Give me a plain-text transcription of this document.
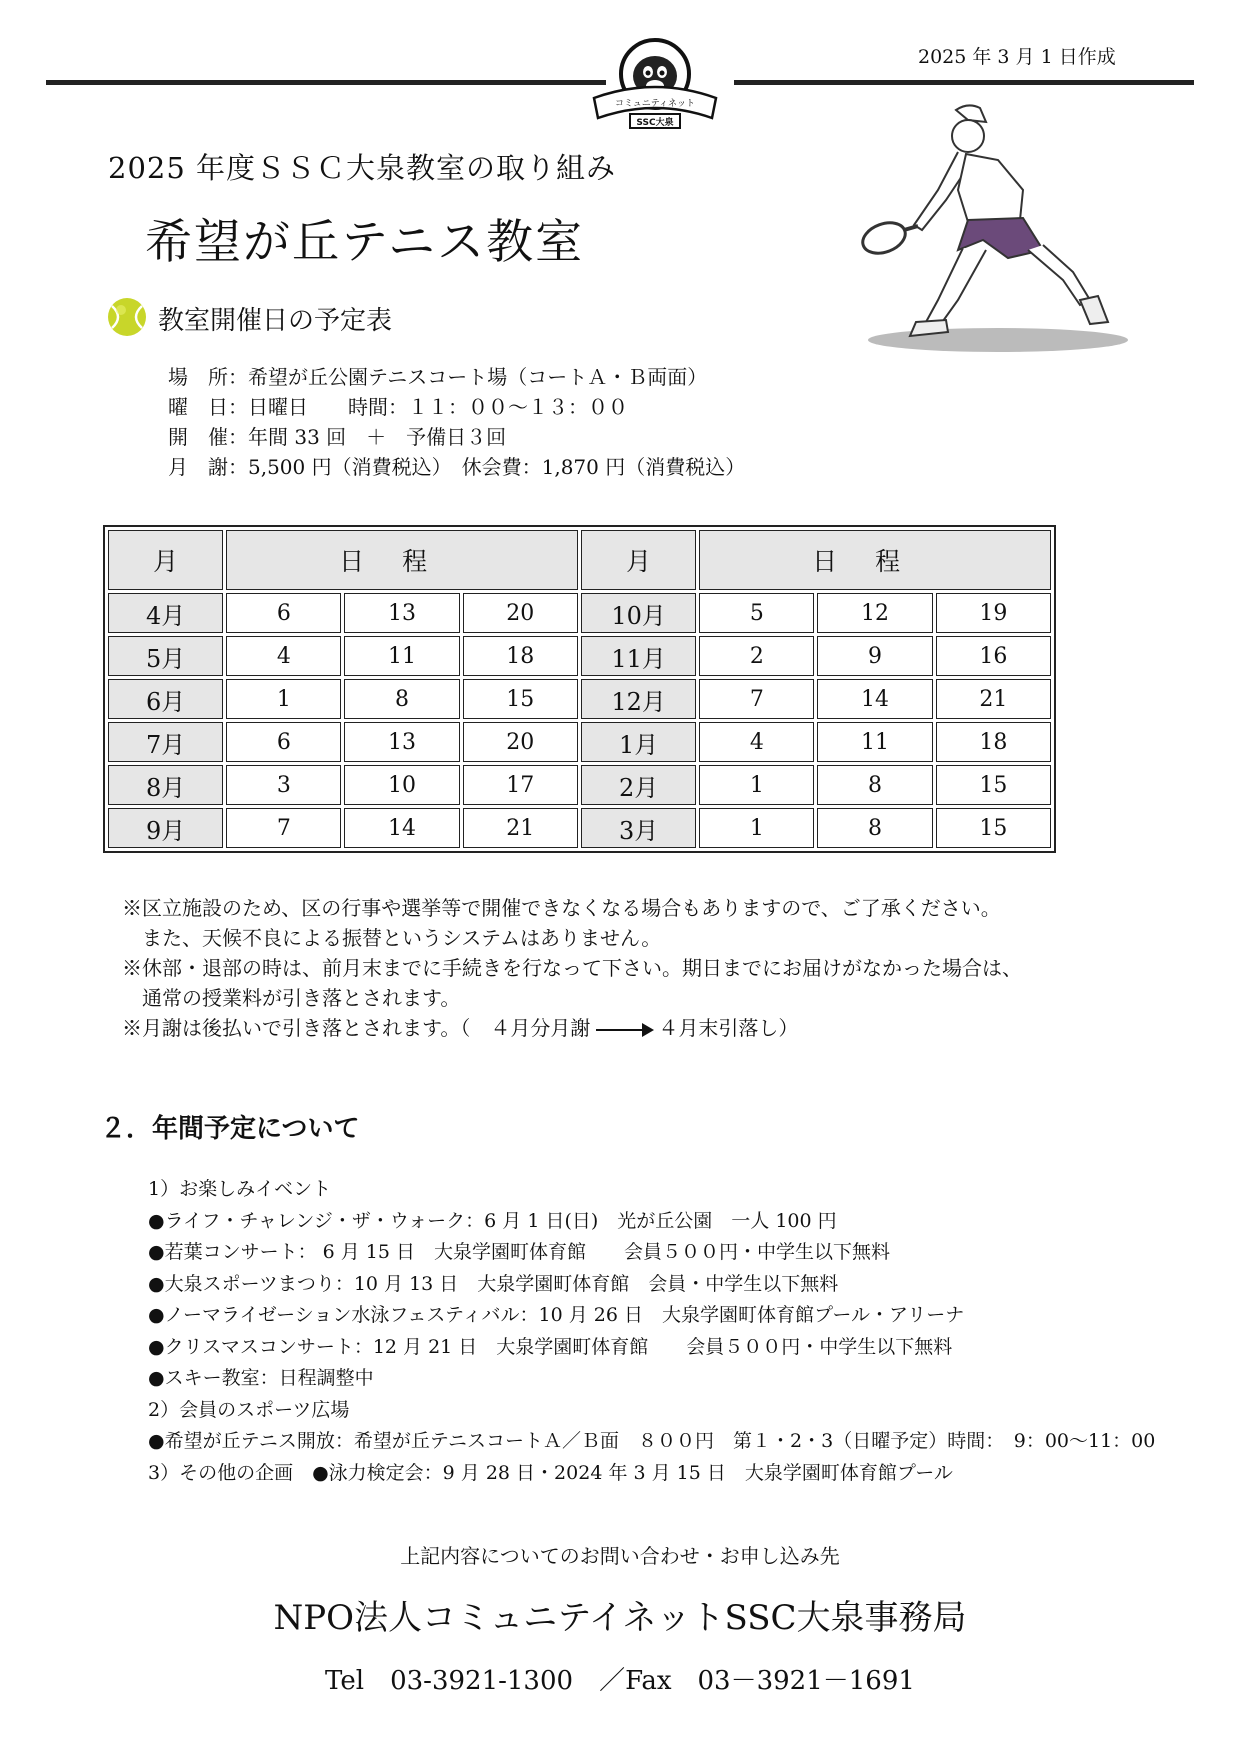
2025 年 3 月 1 日作成
コミュニティネット
SSC大泉
2025 年度ＳＳＣ大泉教室の取り組み
希望が丘テニス教室
教室開催日の予定表
場　所：希望が丘公園テニスコート場（コートＡ・Ｂ両面）
曜　日：日曜日　　時間：１１：００～１３：００
開　催：年間 33 回　＋　予備日３回
月　謝：5,500 円（消費税込）　休会費：1,870 円（消費税込）
月	日程			月	日程		
4月	6	13	20	10月	5	12	19
5月	4	11	18	11月	2	9	16
6月	1	8	15	12月	7	14	21
7月	6	13	20	1月	4	11	18
8月	3	10	17	2月	1	8	15
9月	7	14	21	3月	1	8	15
※区立施設のため、区の行事や選挙等で開催できなくなる場合もありますので、ご了承ください。
　また、天候不良による振替というシステムはありません。
※休部・退部の時は、前月末までに手続きを行なって下さい。期日までにお届けがなかった場合は、
　通常の授業料が引き落とされます。
※月謝は後払いで引き落とされます。（　４月分月謝	４月末引落し）
２．年間予定について
1）お楽しみイベント
●ライフ・チャレンジ・ザ・ウォーク：6 月 1 日(日)　光が丘公園　一人 100 円
●若葉コンサート： 6 月 15 日　大泉学園町体育館　　会員５００円・中学生以下無料
●大泉スポーツまつり：10 月 13 日　大泉学園町体育館　会員・中学生以下無料
●ノーマライゼーション水泳フェスティバル：10 月 26 日　大泉学園町体育館プール・アリーナ
●クリスマスコンサート：12 月 21 日　大泉学園町体育館　　会員５００円・中学生以下無料
●スキー教室：日程調整中
2）会員のスポーツ広場
●希望が丘テニス開放：希望が丘テニスコートＡ／Ｂ面　８００円　第１・2・3（日曜予定）時間：　9：00～11：00
3）その他の企画　●泳力検定会：9 月 28 日・2024 年 3 月 15 日　大泉学園町体育館プール
上記内容についてのお問い合わせ・お申し込み先
NPO法人コミュニテイネットSSC大泉事務局
Tel　03-3921-1300　／Fax　03－3921－1691
